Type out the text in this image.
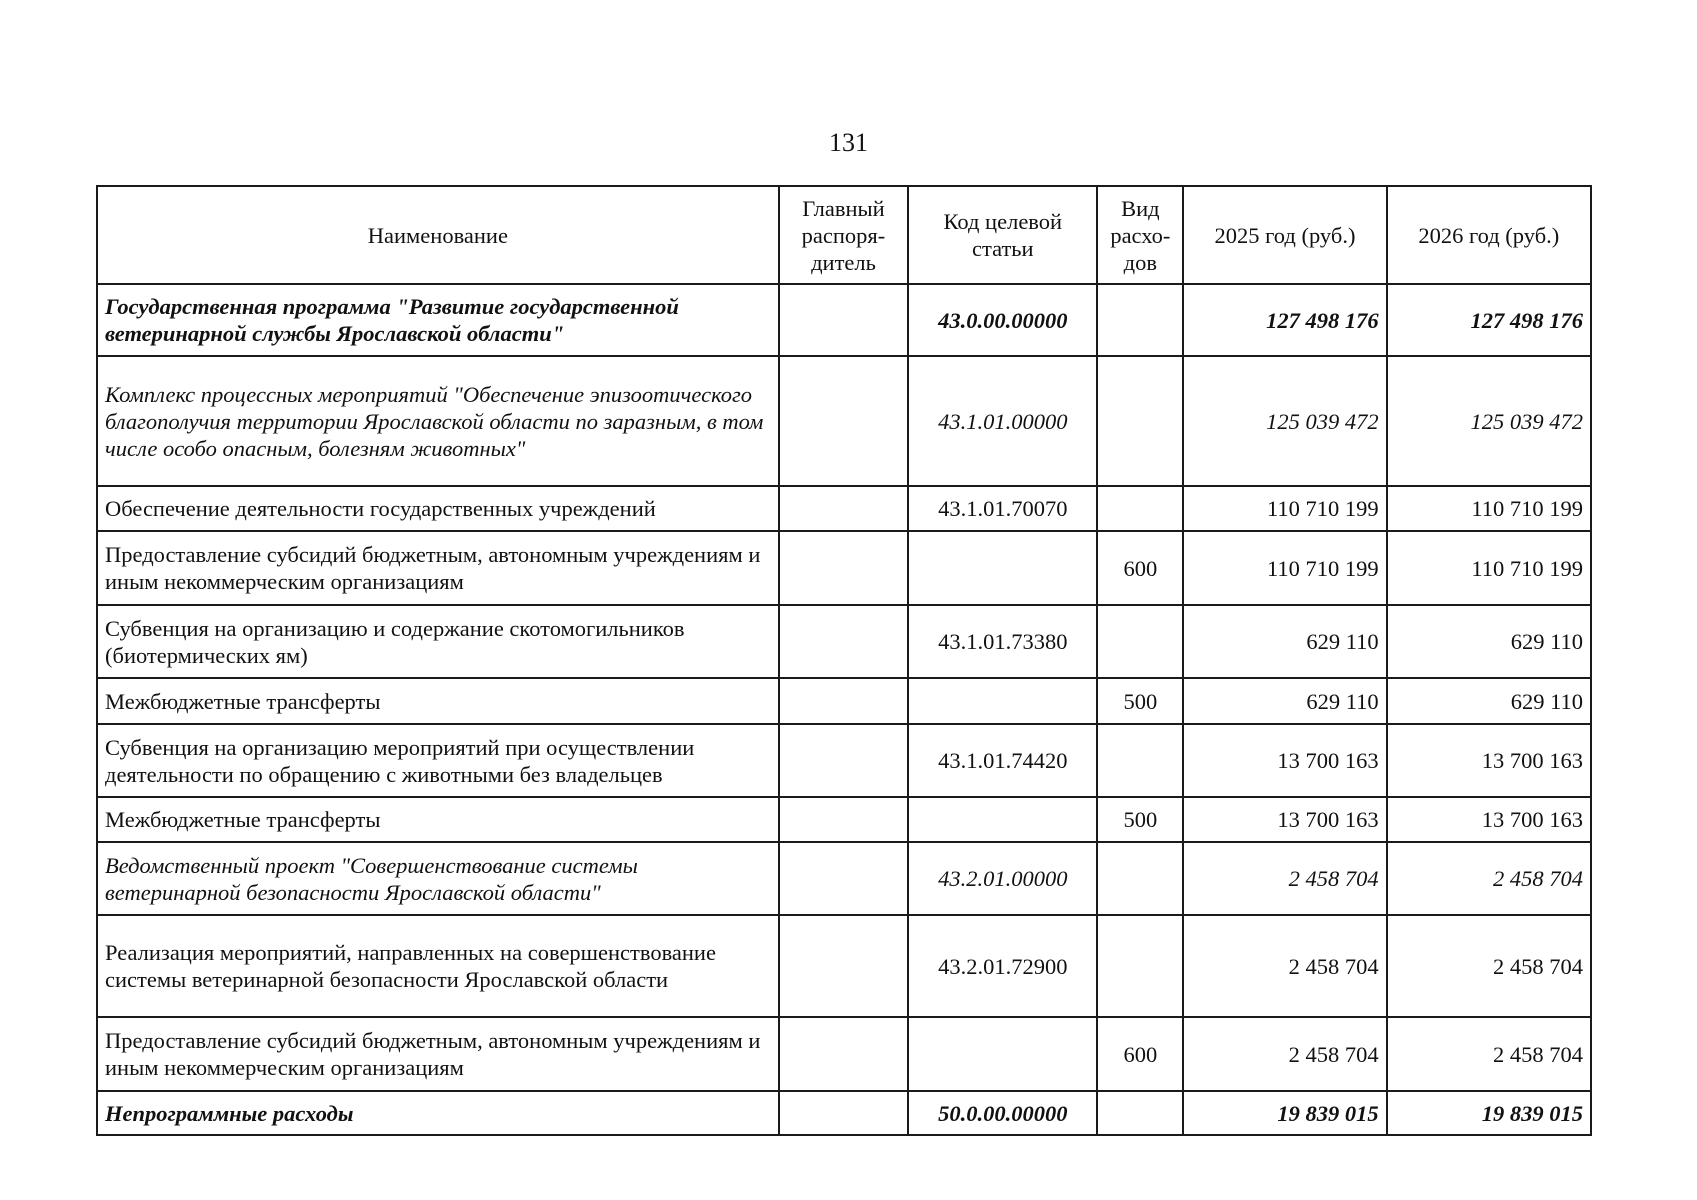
131
Наименование	Главный распоря-дитель	Код целевой статьи	Вид расхо-дов	2025 год (руб.)	2026 год (руб.)
Государственная программа "Развитие государственной ветеринарной службы Ярославской области"		43.0.00.00000		127 498 176	127 498 176
Комплекс процессных мероприятий "Обеспечение эпизоотического благополучия территории Ярославской области по заразным, в том числе особо опасным, болезням животных"		43.1.01.00000		125 039 472	125 039 472
Обеспечение деятельности государственных учреждений		43.1.01.70070		110 710 199	110 710 199
Предоставление субсидий бюджетным, автономным учреждениям и иным некоммерческим организациям			600	110 710 199	110 710 199
Субвенция на организацию и содержание скотомогильников (биотермических ям)		43.1.01.73380		629 110	629 110
Межбюджетные трансферты			500	629 110	629 110
Субвенция на организацию мероприятий при осуществлении деятельности по обращению с животными без владельцев		43.1.01.74420		13 700 163	13 700 163
Межбюджетные трансферты			500	13 700 163	13 700 163
Ведомственный проект "Совершенствование системы ветеринарной безопасности Ярославской области"		43.2.01.00000		2 458 704	2 458 704
Реализация мероприятий, направленных на совершенствование системы ветеринарной безопасности Ярославской области		43.2.01.72900		2 458 704	2 458 704
Предоставление субсидий бюджетным, автономным учреждениям и иным некоммерческим организациям			600	2 458 704	2 458 704
Непрограммные расходы		50.0.00.00000		19 839 015	19 839 015
